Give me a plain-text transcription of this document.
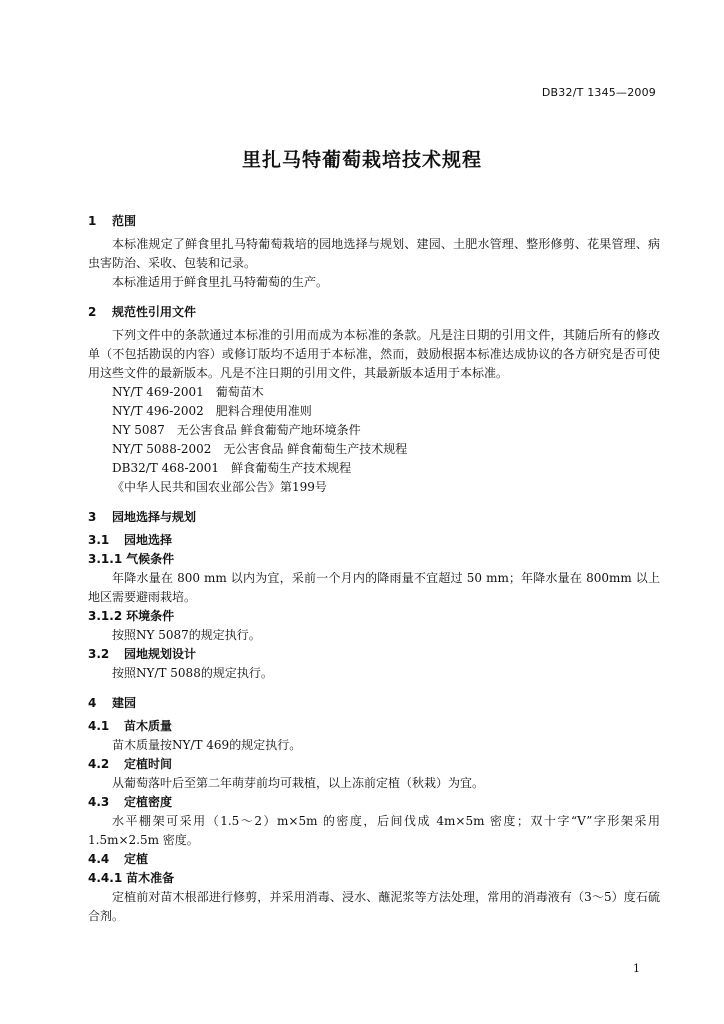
DB32/T 1345—2009
里扎马特葡萄栽培技术规程
1 范围

本标准规定了鲜食里扎马特葡萄栽培的园地选择与规划、建园、土肥水管理、整形修剪、花果管理、病虫害防治、采收、包装和记录。

本标准适用于鲜食里扎马特葡萄的生产。

2 规范性引用文件

下列文件中的条款通过本标准的引用而成为本标准的条款。凡是注日期的引用文件，其随后所有的修改单（不包括勘误的内容）或修订版均不适用于本标准，然而，鼓励根据本标准达成协议的各方研究是否可使用这些文件的最新版本。凡是不注日期的引用文件，其最新版本适用于本标准。

NY/T 469-2001　葡萄苗木
NY/T 496-2002　肥料合理使用准则
NY 5087　无公害食品 鲜食葡萄产地环境条件
NY/T 5088-2002　无公害食品 鲜食葡萄生产技术规程
DB32/T 468-2001　鲜食葡萄生产技术规程
《中华人民共和国农业部公告》第199号
3 园地选择与规划
3.1 园地选择
3.1.1 气候条件

年降水量在 800 mm 以内为宜，采前一个月内的降雨量不宜超过 50 mm；年降水量在 800mm 以上地区需要避雨栽培。

3.1.2 环境条件

按照NY 5087的规定执行。

3.2 园地规划设计

按照NY/T 5088的规定执行。

4 建园
4.1 苗木质量

苗木质量按NY/T 469的规定执行。

4.2 定植时间

从葡萄落叶后至第二年萌芽前均可栽植，以上冻前定植（秋栽）为宜。

4.3 定植密度

水平棚架可采用（1.5～2）m×5m 的密度，后间伐成 4m×5m 密度；双十字“V”字形架采用 1.5m×2.5m 密度。

4.4 定植
4.4.1 苗木准备

定植前对苗木根部进行修剪，并采用消毒、浸水、蘸泥浆等方法处理，常用的消毒液有（3～5）度石硫合剂。

1
